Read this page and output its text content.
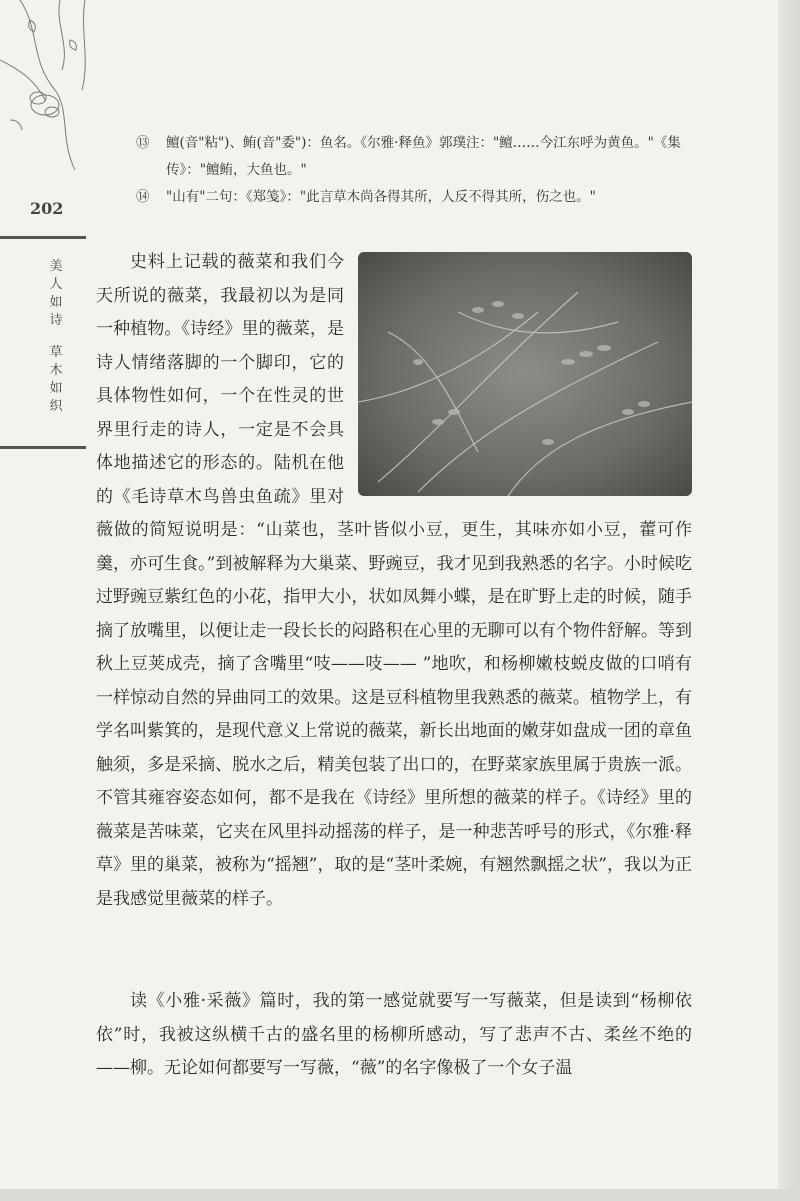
⑬ 鳣(音"粘")、鲔(音"委")：鱼名。《尔雅·释鱼》郭璞注："鳣……今江东呼为黄鱼。"《集传》："鳣鲔，大鱼也。"

⑭ "山有"二句：《郑笺》："此言草木尚各得其所，人反不得其所，伤之也。"

202
美
人
如
诗
草
木
如
织

史料上记载的薇菜和我们今天所说的薇菜，我最初以为是同一种植物。《诗经》里的薇菜，是诗人情绪落脚的一个脚印，它的具体物性如何，一个在性灵的世界里行走的诗人，一定是不会具体地描述它的形态的。陆机在他的《毛诗草木鸟兽虫鱼疏》里对薇做的简短说明是：“山菜也，茎叶皆似小豆，更生，其味亦如小豆，藿可作羹，亦可生食。”到被解释为大巢菜、野豌豆，我才见到我熟悉的名字。小时候吃过野豌豆紫红色的小花，指甲大小，状如凤舞小蝶，是在旷野上走的时候，随手摘了放嘴里，以便让走一段长长的闷路积在心里的无聊可以有个物件舒解。等到秋上豆荚成壳，摘了含嘴里“吱——吱—— ”地吹，和杨柳嫩枝蜕皮做的口哨有一样惊动自然的异曲同工的效果。这是豆科植物里我熟悉的薇菜。植物学上，有学名叫紫箕的，是现代意义上常说的薇菜，新长出地面的嫩芽如盘成一团的章鱼触须，多是采摘、脱水之后，精美包装了出口的，在野菜家族里属于贵族一派。不管其雍容姿态如何，都不是我在《诗经》里所想的薇菜的样子。《诗经》里的薇菜是苦味菜，它夹在风里抖动摇荡的样子，是一种悲苦呼号的形式，《尔雅·释草》里的巢菜，被称为“摇翘”，取的是“茎叶柔婉，有翘然飘摇之状”，我以为正是我感觉里薇菜的样子。

读《小雅·采薇》篇时，我的第一感觉就要写一写薇菜，但是读到“杨柳依依”时，我被这纵横千古的盛名里的杨柳所感动，写了悲声不古、柔丝不绝的——柳。无论如何都要写一写薇，“薇”的名字像极了一个女子温
